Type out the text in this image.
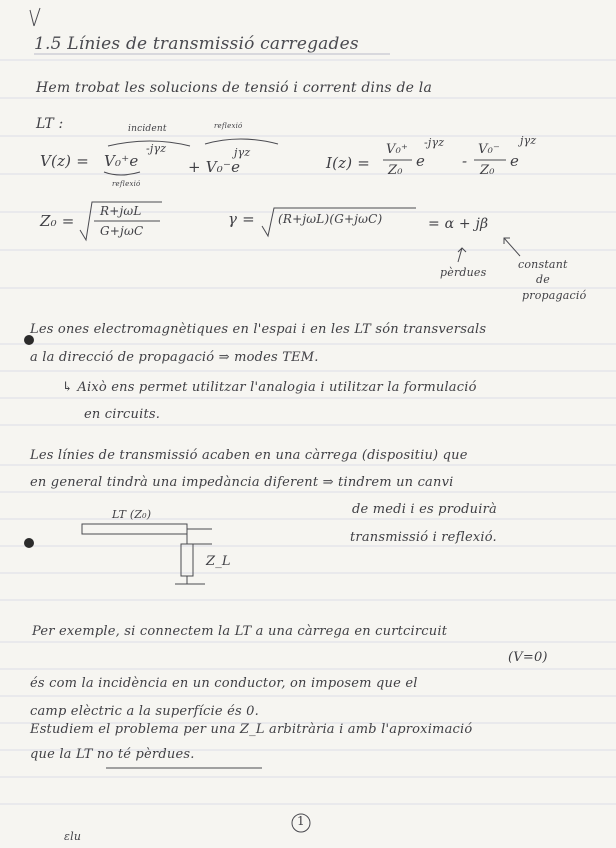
1.5 Línies de transmissió carregades
Hem trobat les solucions de tensió i corrent dins de la
LT :	incident	reflexió
V(z) = V₀⁺e
-jγz
+ V₀⁻e
jγz
reflexió
I(z) =
V₀⁺
Z₀
e
-jγz
-
V₀⁻
Z₀
e
jγz
Z₀ =
R+jωL
G+jωC
γ = (R+jωL)(G+jωC)	= α + jβ
pèrdues
constant
de
propagació
Les ones electromagnètiques en l'espai i en les LT són transversals
a la direcció de propagació ⇒ modes TEM.
↳ Això ens permet utilitzar l'analogia i utilitzar la formulació
en circuits.
Les línies de transmissió acaben en una càrrega (dispositiu) que
en general tindrà una impedància diferent ⇒ tindrem un canvi
de medi i es produirà
transmissió i reflexió.
LT (Z₀)
Z_L
Per exemple, si connectem la LT a una càrrega en curtcircuit
(V=0)
és com la incidència en un conductor, on imposem que el
camp elèctric a la superfície és 0.
Estudiem el problema per una Z_L arbitrària i amb l'aproximació
que la LT no té pèrdues.
1
ɛlu
